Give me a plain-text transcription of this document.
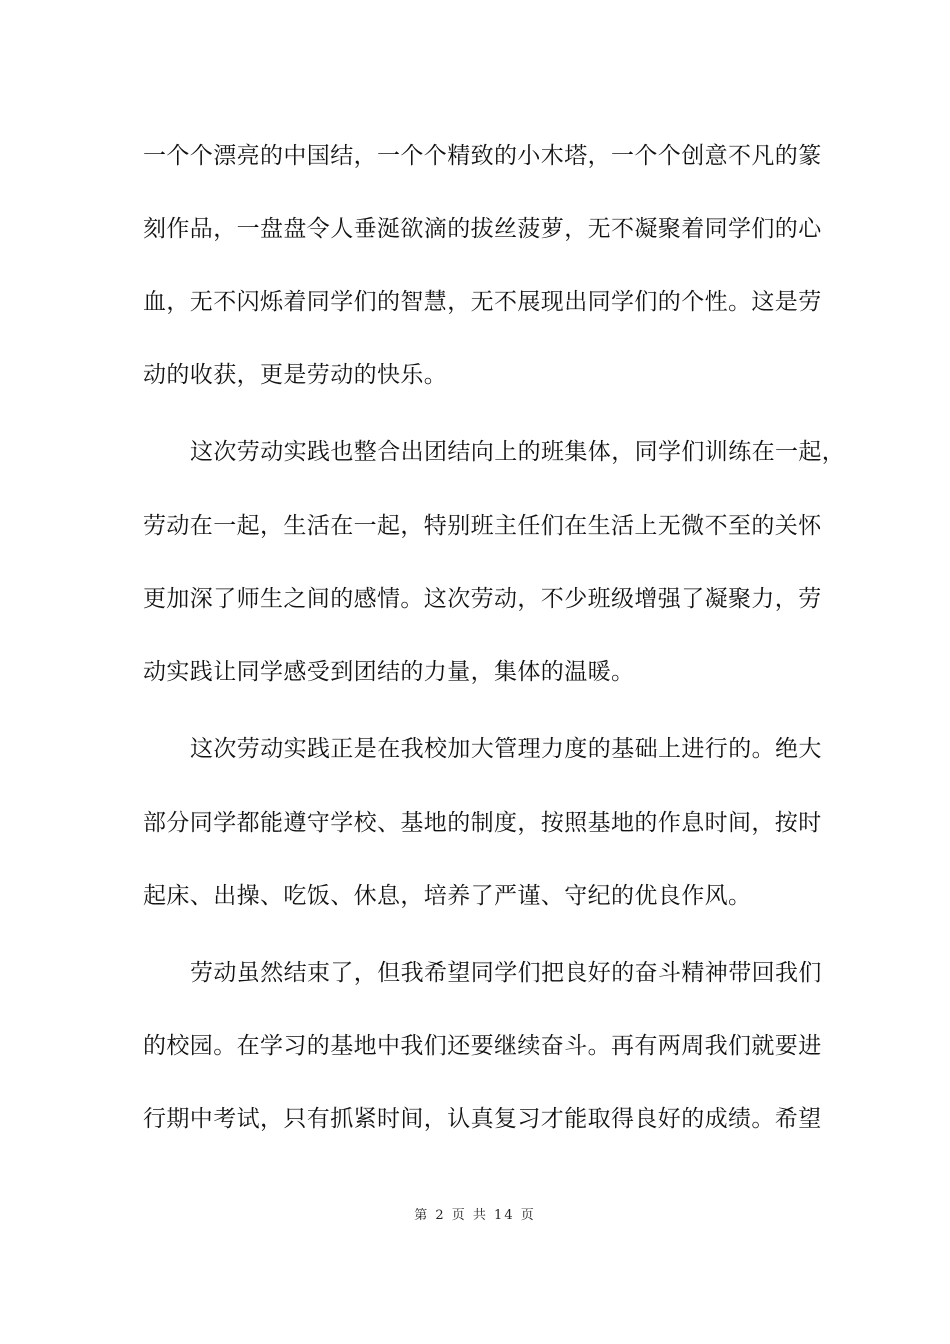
一个个漂亮的中国结，一个个精致的小木塔，一个个创意不凡的篆
刻作品，一盘盘令人垂涎欲滴的拔丝菠萝，无不凝聚着同学们的心
血，无不闪烁着同学们的智慧，无不展现出同学们的个性。这是劳
动的收获，更是劳动的快乐。
这次劳动实践也整合出团结向上的班集体，同学们训练在一起，
劳动在一起，生活在一起，特别班主任们在生活上无微不至的关怀
更加深了师生之间的感情。这次劳动，不少班级增强了凝聚力，劳
动实践让同学感受到团结的力量，集体的温暖。
这次劳动实践正是在我校加大管理力度的基础上进行的。绝大
部分同学都能遵守学校、基地的制度，按照基地的作息时间，按时
起床、出操、吃饭、休息，培养了严谨、守纪的优良作风。
劳动虽然结束了，但我希望同学们把良好的奋斗精神带回我们
的校园。在学习的基地中我们还要继续奋斗。再有两周我们就要进
行期中考试，只有抓紧时间，认真复习才能取得良好的成绩。希望
第 2 页 共 14 页
